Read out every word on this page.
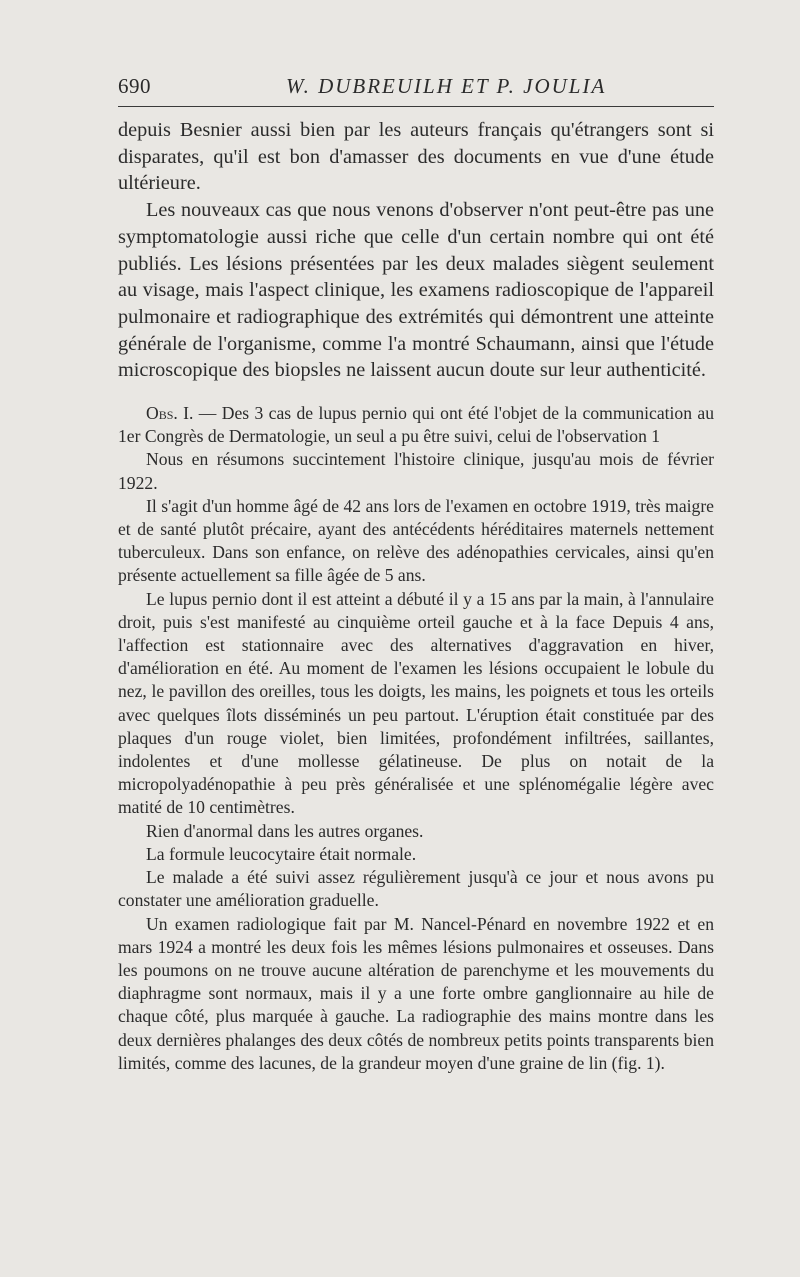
690	W. DUBREUILH ET P. JOULIA

depuis Besnier aussi bien par les auteurs français qu'étrangers sont si disparates, qu'il est bon d'amasser des documents en vue d'une étude ultérieure.

Les nouveaux cas que nous venons d'observer n'ont peut-être pas une symptomatologie aussi riche que celle d'un certain nombre qui ont été publiés. Les lésions présentées par les deux malades siègent seulement au visage, mais l'aspect clinique, les examens radioscopique de l'appareil pulmonaire et radiographique des extrémités qui démontrent une atteinte générale de l'organisme, comme l'a montré Schaumann, ainsi que l'étude microscopique des biopsles ne laissent aucun doute sur leur authenticité.

Obs. I. — Des 3 cas de lupus pernio qui ont été l'objet de la communication au 1er Congrès de Dermatologie, un seul a pu être suivi, celui de l'observation 1

Nous en résumons succintement l'histoire clinique, jusqu'au mois de février 1922.

Il s'agit d'un homme âgé de 42 ans lors de l'examen en octobre 1919, très maigre et de santé plutôt précaire, ayant des antécédents héréditaires maternels nettement tuberculeux. Dans son enfance, on relève des adénopathies cervicales, ainsi qu'en présente actuellement sa fille âgée de 5 ans.

Le lupus pernio dont il est atteint a débuté il y a 15 ans par la main, à l'annulaire droit, puis s'est manifesté au cinquième orteil gauche et à la face Depuis 4 ans, l'affection est stationnaire avec des alternatives d'aggravation en hiver, d'amélioration en été. Au moment de l'examen les lésions occupaient le lobule du nez, le pavillon des oreilles, tous les doigts, les mains, les poignets et tous les orteils avec quelques îlots disséminés un peu partout. L'éruption était constituée par des plaques d'un rouge violet, bien limitées, profondément infiltrées, saillantes, indolentes et d'une mollesse gélatineuse. De plus on notait de la micropolyadénopathie à peu près généralisée et une splénomégalie légère avec matité de 10 centimètres.

Rien d'anormal dans les autres organes.

La formule leucocytaire était normale.

Le malade a été suivi assez régulièrement jusqu'à ce jour et nous avons pu constater une amélioration graduelle.

Un examen radiologique fait par M. Nancel-Pénard en novembre 1922 et en mars 1924 a montré les deux fois les mêmes lésions pulmonaires et osseuses. Dans les poumons on ne trouve aucune altération de parenchyme et les mouvements du diaphragme sont normaux, mais il y a une forte ombre ganglionnaire au hile de chaque côté, plus marquée à gauche. La radiographie des mains montre dans les deux dernières phalanges des deux côtés de nombreux petits points transparents bien limités, comme des lacunes, de la grandeur moyen d'une graine de lin (fig. 1).
